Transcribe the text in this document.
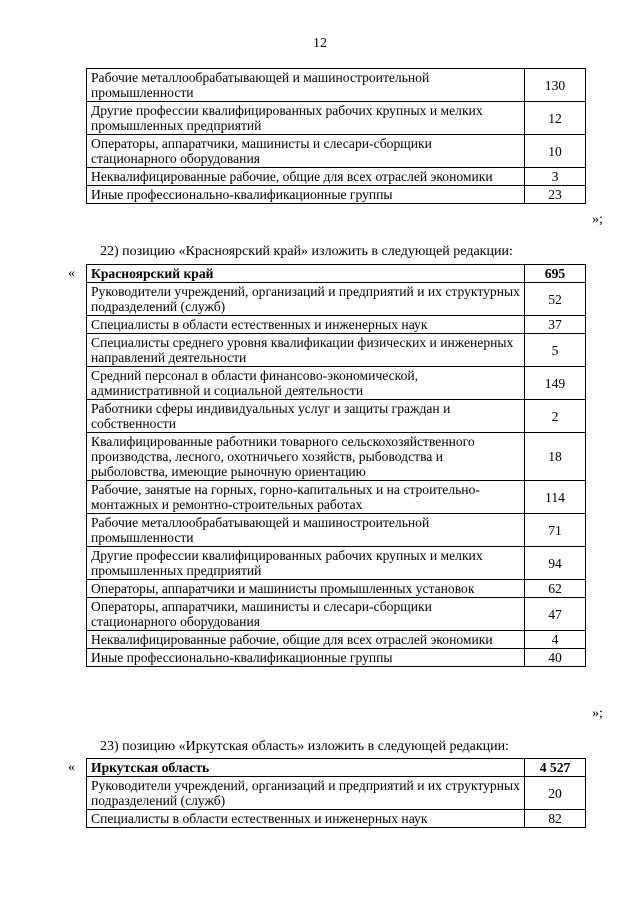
12
Рабочие металлообрабатывающей и машиностроительной промышленности	130
Другие профессии квалифицированных рабочих крупных и мелких промышленных предприятий	12
Операторы, аппаратчики, машинисты и слесари-сборщики стационарного оборудования	10
Неквалифицированные рабочие, общие для всех отраслей экономики	3
Иные профессионально-квалификационные группы	23
»;
22) позицию «Красноярский край» изложить в следующей редакции:
« Красноярский край	695
Руководители учреждений, организаций и предприятий и их структурных подразделений (служб)	52
Специалисты в области естественных и инженерных наук	37
Специалисты среднего уровня квалификации физических и инженерных направлений деятельности	5
Средний персонал в области финансово-экономической, административной и социальной деятельности	149
Работники сферы индивидуальных услуг и защиты граждан и собственности	2
Квалифицированные работники товарного сельскохозяйственного производства, лесного, охотничьего хозяйств, рыбоводства и рыболовства, имеющие рыночную ориентацию	18
Рабочие, занятые на горных, горно-капитальных и на строительно-монтажных и ремонтно-строительных работах	114
Рабочие металлообрабатывающей и машиностроительной промышленности	71
Другие профессии квалифицированных рабочих крупных и мелких промышленных предприятий	94
Операторы, аппаратчики и машинисты промышленных установок	62
Операторы, аппаратчики, машинисты и слесари-сборщики стационарного оборудования	47
Неквалифицированные рабочие, общие для всех отраслей экономики	4
Иные профессионально-квалификационные группы	40
»;
23) позицию «Иркутская область» изложить в следующей редакции:
« Иркутская область	4 527
Руководители учреждений, организаций и предприятий и их структурных подразделений (служб)	20
Специалисты в области естественных и инженерных наук	82
